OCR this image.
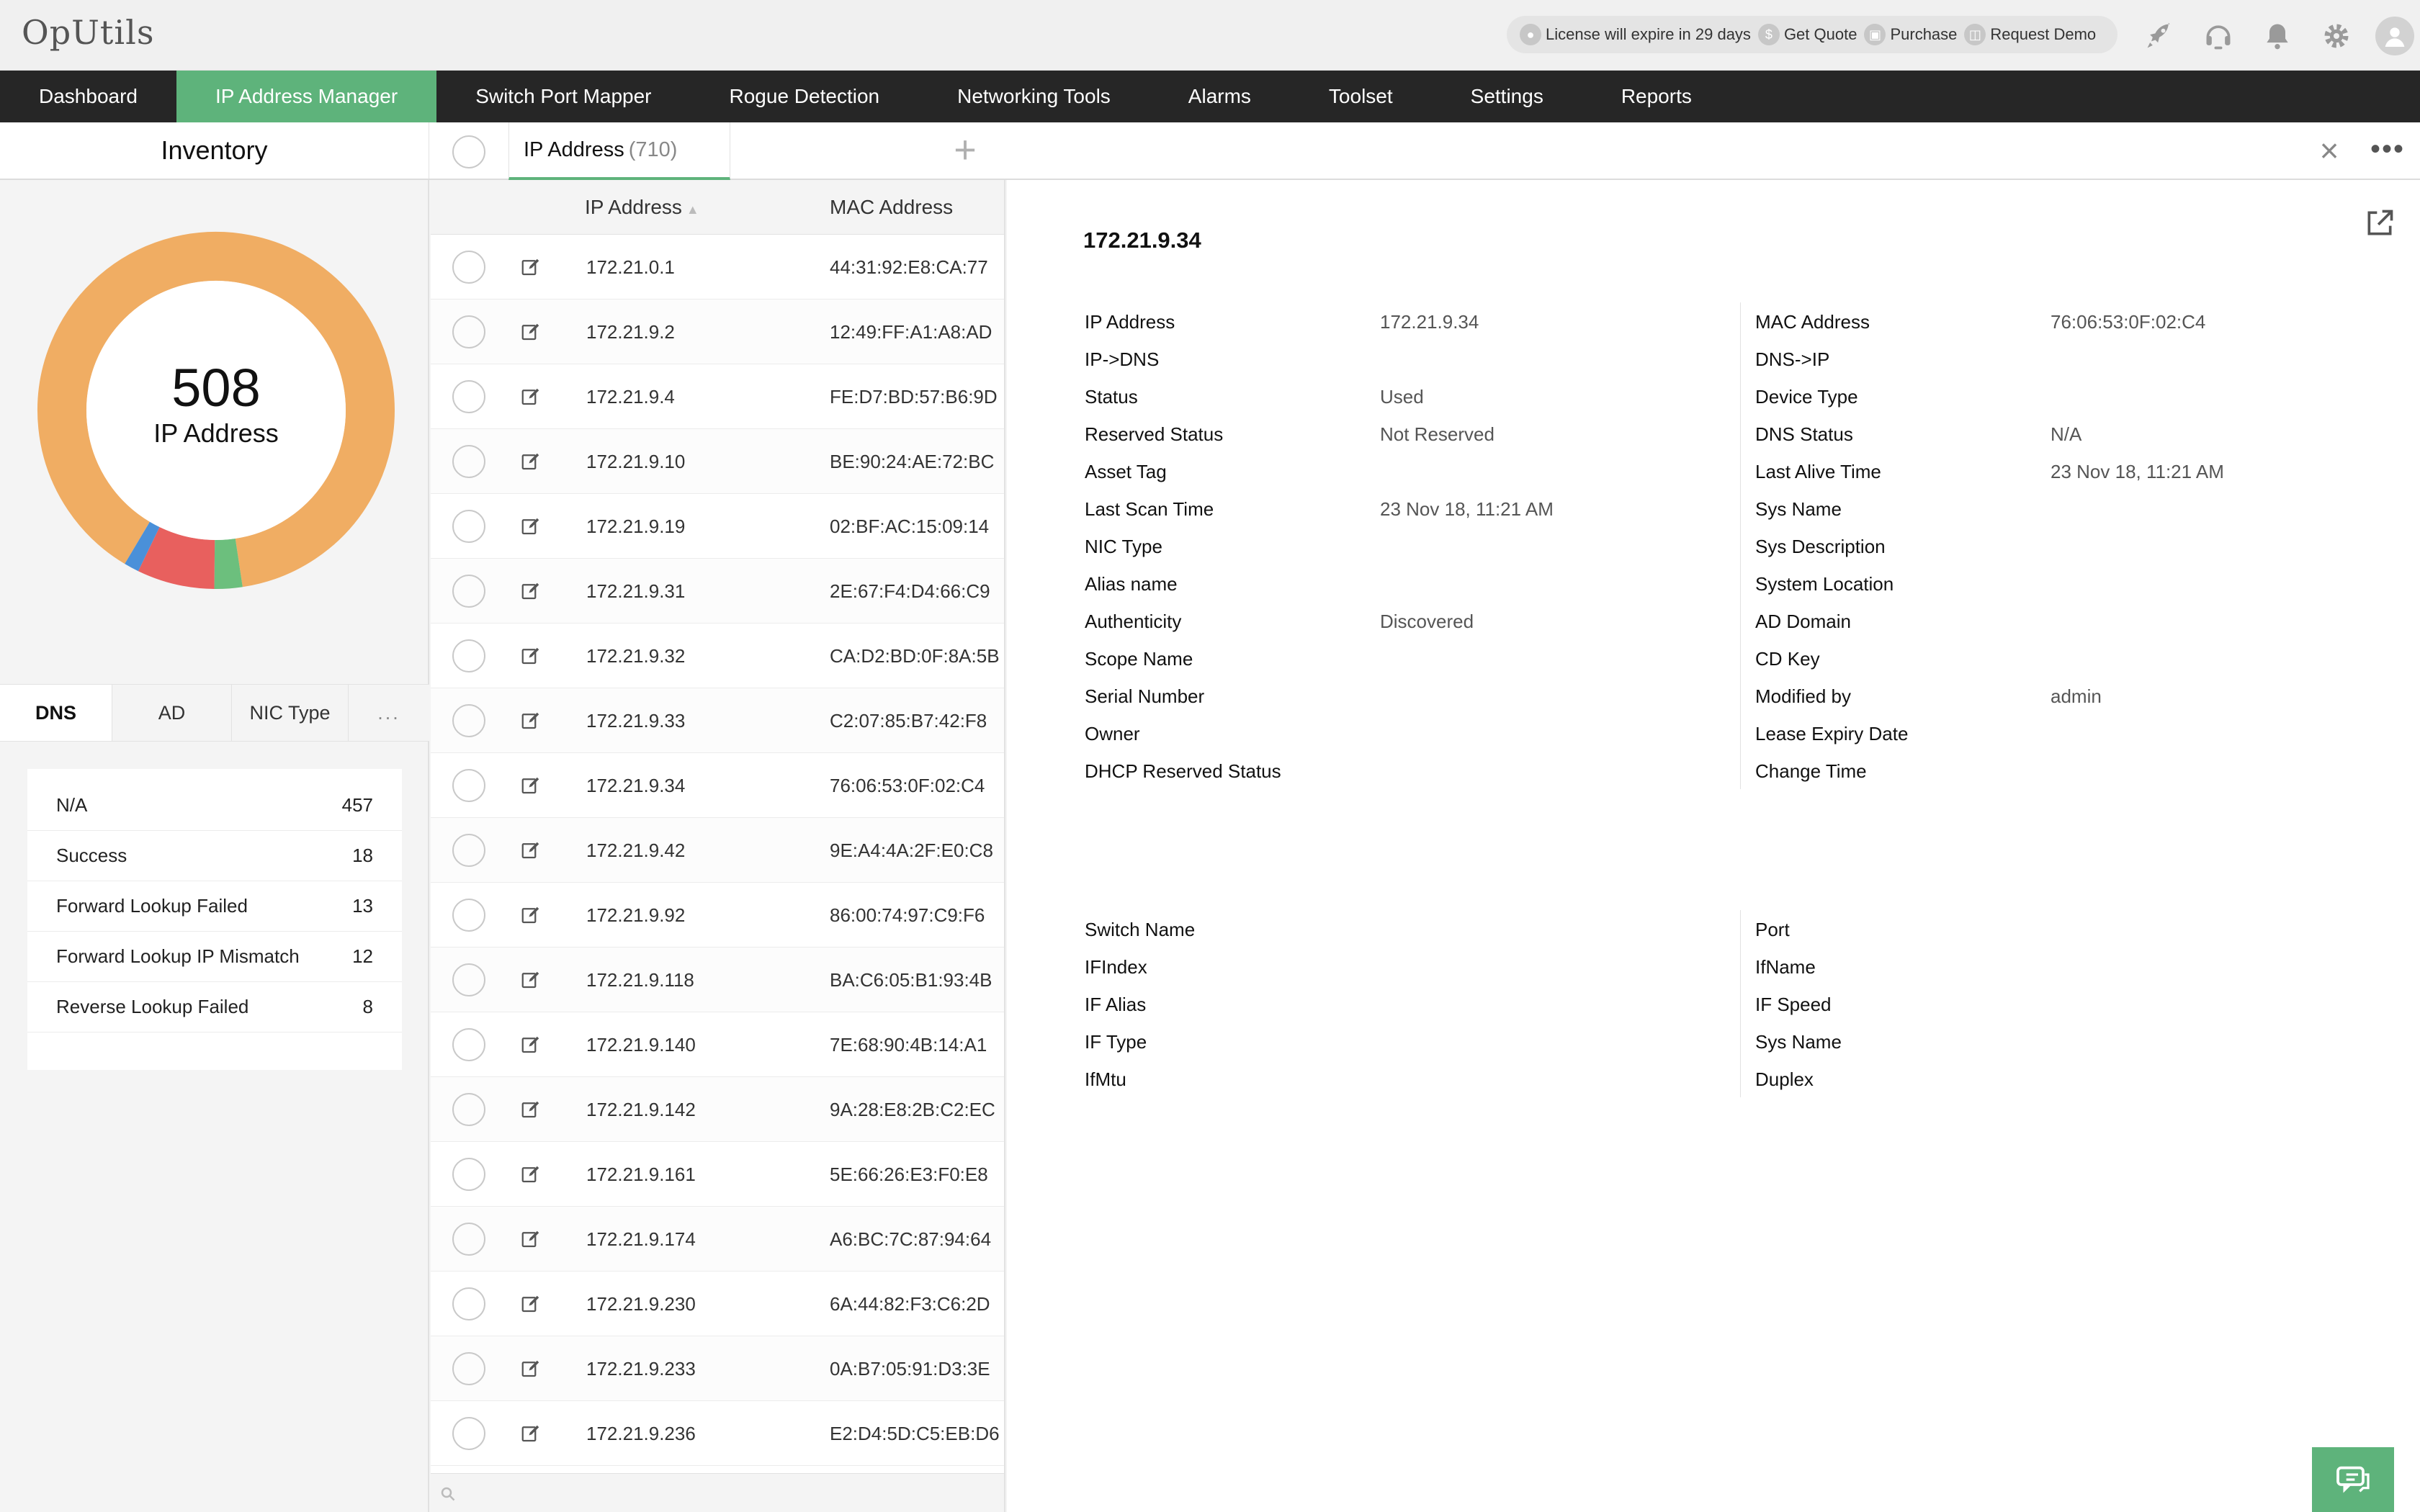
OpUtils	● License will expire in 29 days	$ Get Quote ▣ Purchase ◫ Request Demo
Dashboard	IP Address Manager	Switch Port Mapper	Rogue Detection	Networking Tools	Alarms	Toolset	Settings	Reports
Inventory	IP Address (710)	+	× •••
508
IP Address
DNS	AD	NIC Type	...
N/A	457
Success	18
Forward Lookup Failed	13
Forward Lookup IP Mismatch	12
Reverse Lookup Failed	8
IP Address ▲	MAC Address
172.21.0.1	44:31:92:E8:CA:77
172.21.9.2	12:49:FF:A1:A8:AD
172.21.9.4	FE:D7:BD:57:B6:9D
172.21.9.10	BE:90:24:AE:72:BC
172.21.9.19	02:BF:AC:15:09:14
172.21.9.31	2E:67:F4:D4:66:C9
172.21.9.32	CA:D2:BD:0F:8A:5B
172.21.9.33	C2:07:85:B7:42:F8
172.21.9.34	76:06:53:0F:02:C4
172.21.9.42	9E:A4:4A:2F:E0:C8
172.21.9.92	86:00:74:97:C9:F6
172.21.9.118	BA:C6:05:B1:93:4B
172.21.9.140	7E:68:90:4B:14:A1
172.21.9.142	9A:28:E8:2B:C2:EC
172.21.9.161	5E:66:26:E3:F0:E8
172.21.9.174	A6:BC:7C:87:94:64
172.21.9.230	6A:44:82:F3:C6:2D
172.21.9.233	0A:B7:05:91:D3:3E
172.21.9.236	E2:D4:5D:C5:EB:D6
172.21.9.34
IP Address	172.21.9.34
IP->DNS
Status	Used
Reserved Status	Not Reserved
Asset Tag
Last Scan Time	23 Nov 18, 11:21 AM
NIC Type
Alias name
Authenticity	Discovered
Scope Name
Serial Number
Owner
DHCP Reserved Status
MAC Address	76:06:53:0F:02:C4
DNS->IP
Device Type
DNS Status	N/A
Last Alive Time	23 Nov 18, 11:21 AM
Sys Name
Sys Description
System Location
AD Domain
CD Key
Modified by	admin
Lease Expiry Date
Change Time
Switch Name
IFIndex
IF Alias
IF Type
IfMtu
Port
IfName
IF Speed
Sys Name
Duplex
